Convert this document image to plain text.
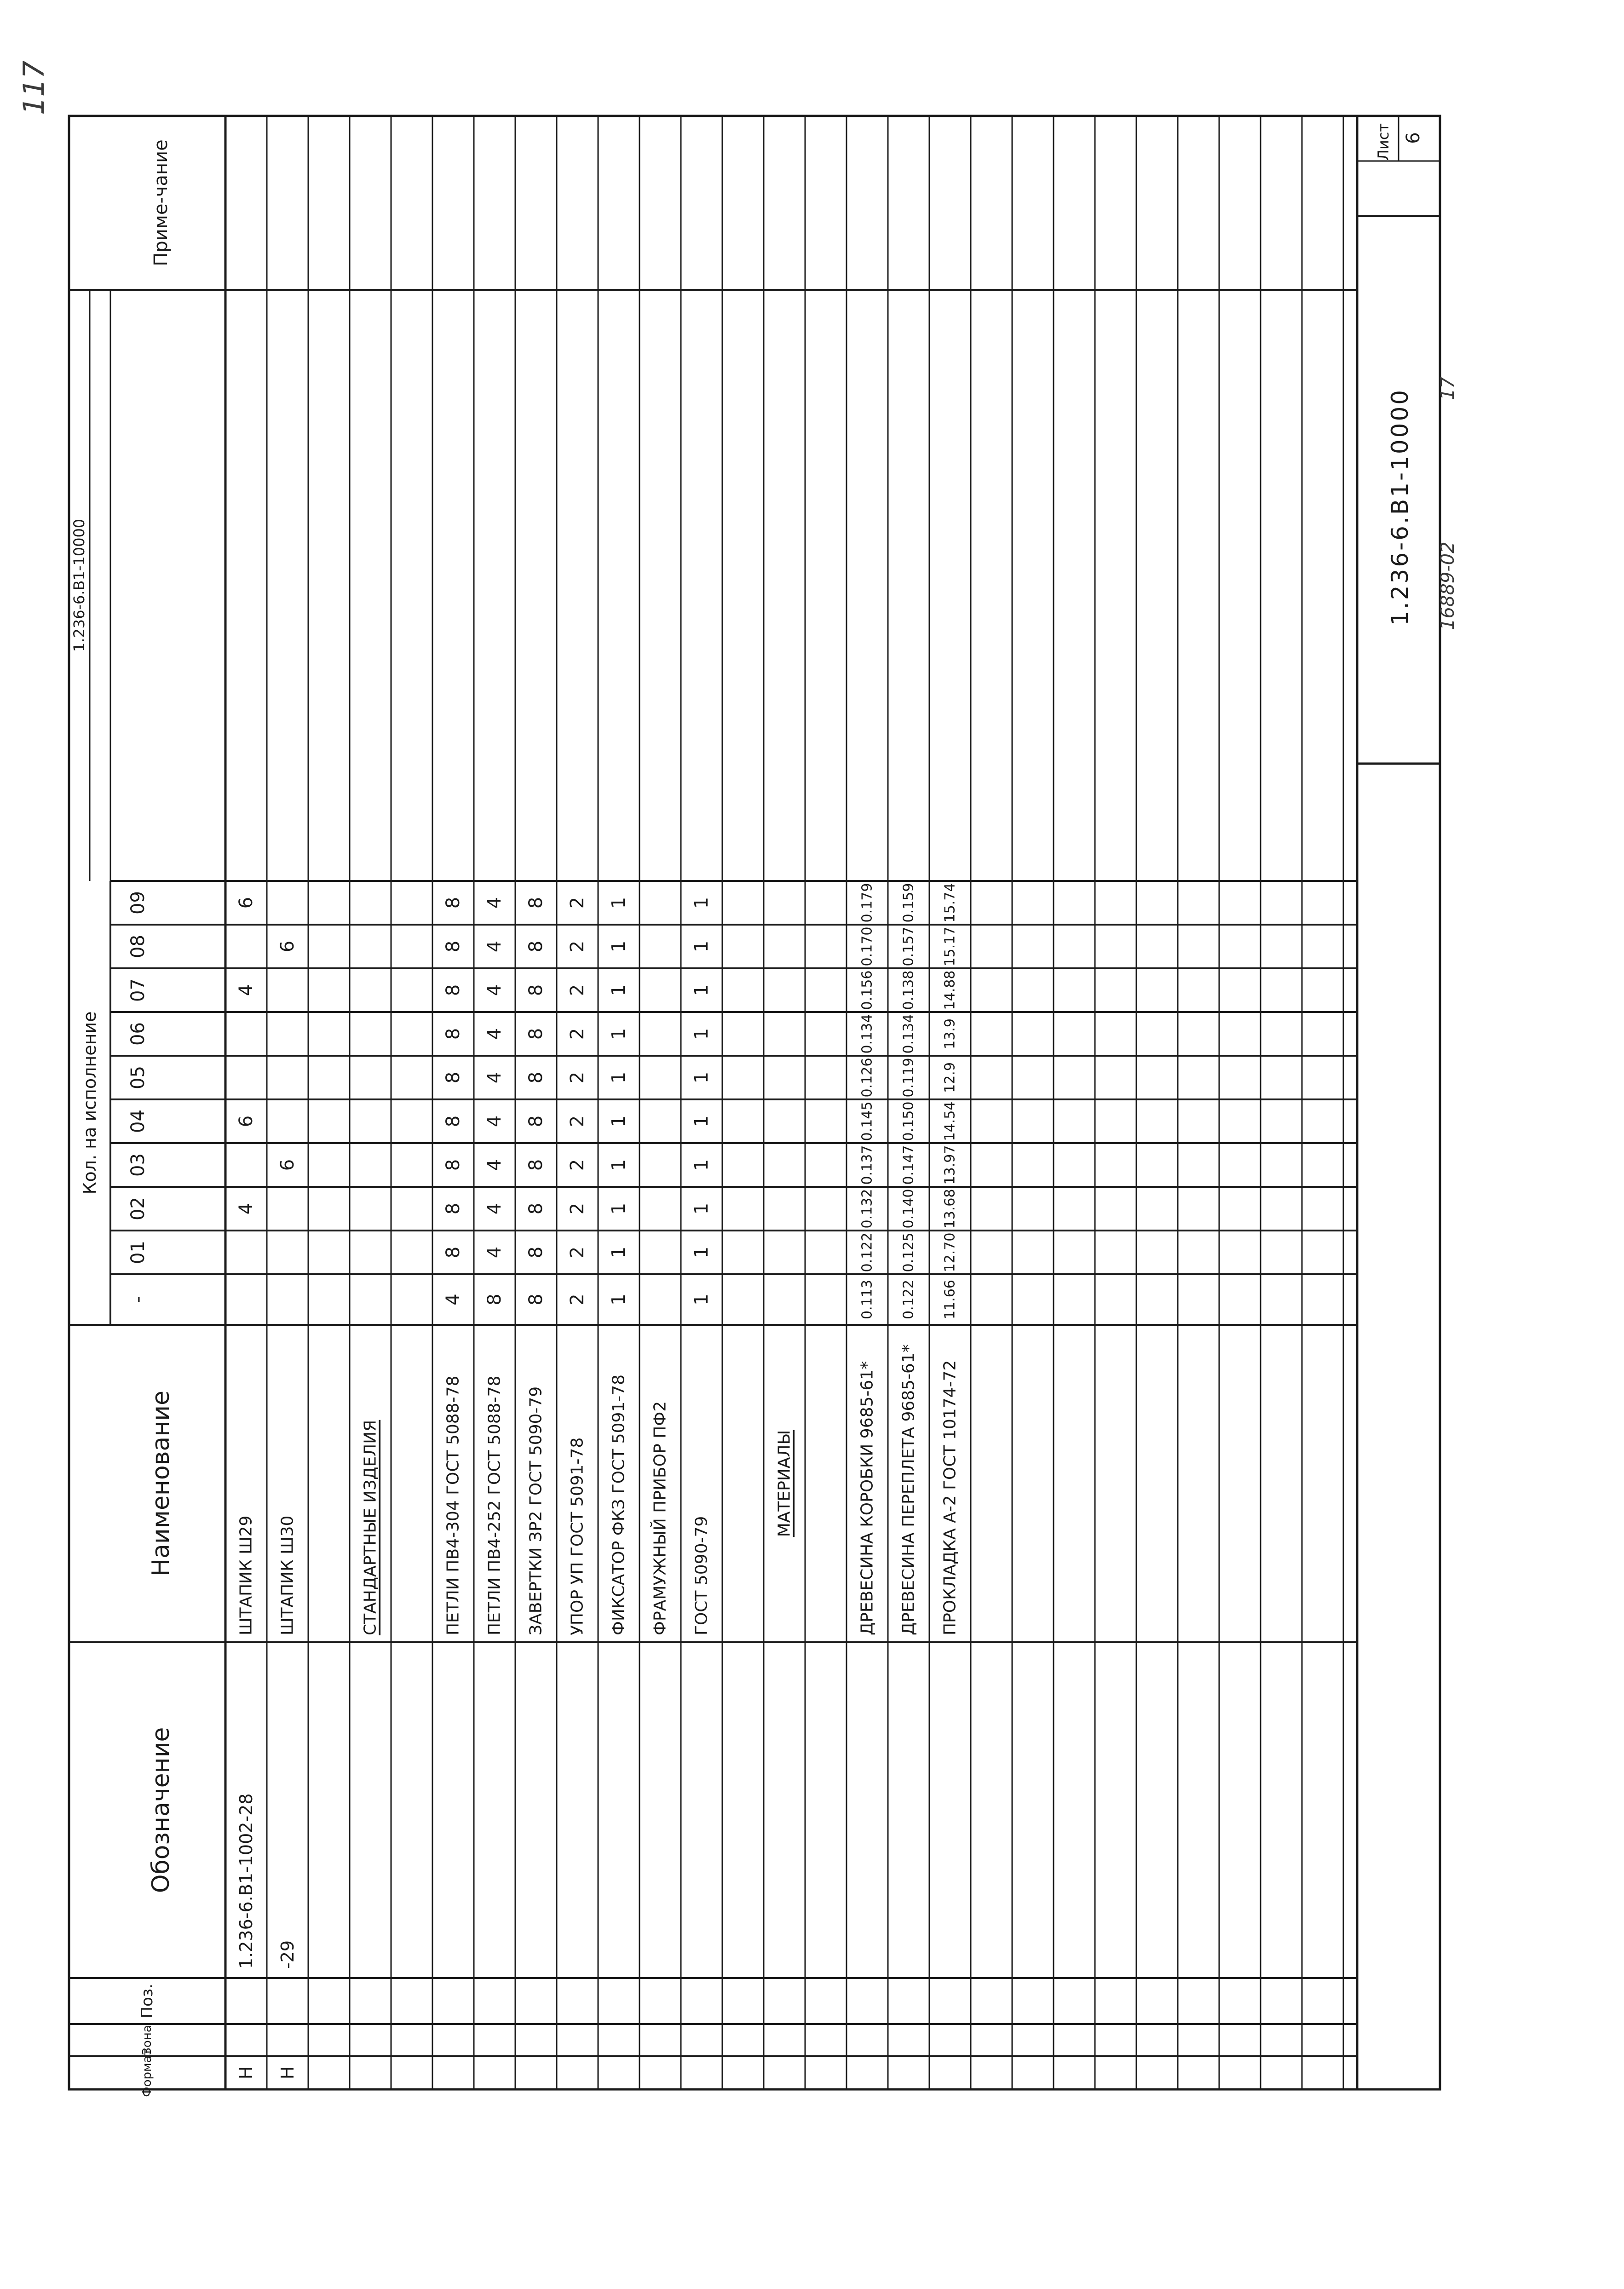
Формат
Зона
Поз.
Обозначение
Наименование
Кол. на исполнение
1.236-6.B1-10000
-
01
02
03
04
05
06
07
08
09
Приме-чание
Н
1.236-6.B1-1002-28
ШТАПИК Ш29
4
6
4
6
Н
-29
ШТАПИК Ш30
6
6
СТАНДАРТНЫЕ ИЗДЕЛИЯ	ПЕТЛИ ПВ4-304 ГОСТ 5088-78
4
8
8
8
8
8
8
8
8
8
ПЕТЛИ ПВ4-252 ГОСТ 5088-78
8
4
4
4
4
4
4
4
4
4
ЗАВЕРТКИ ЗР2 ГОСТ 5090-79
8
8
8
8
8
8
8
8
8
8
УПОР УП ГОСТ 5091-78
2
2
2
2
2
2
2
2
2
2
ФИКСАТОР ФКЗ ГОСТ 5091-78
1
1
1
1
1
1
1
1
1
1
ФРАМУЖНЫЙ ПРИБОР ПФ2 ГОСТ 5090-79
1
1
1
1
1
1
1
1
1
1
МАТЕРИАЛЫ	ДРЕВЕСИНА КОРОБКИ 9685-61*
0.113
0.122
0.132
0.137
0.145
0.126
0.134
0.156
0.170
0.179
ДРЕВЕСИНА ПЕРЕПЛЕТА 9685-61*
0.122
0.125
0.140
0.147
0.150
0.119
0.134
0.138
0.157
0.159
ПРОКЛАДКА А-2 ГОСТ 10174-72
11.66
12.70
13.68
13.97
14.54
12.9
13.9
14.88
15.17
15.74
Лист 6
1.236-6.B1-10000 16889-02
17
117
